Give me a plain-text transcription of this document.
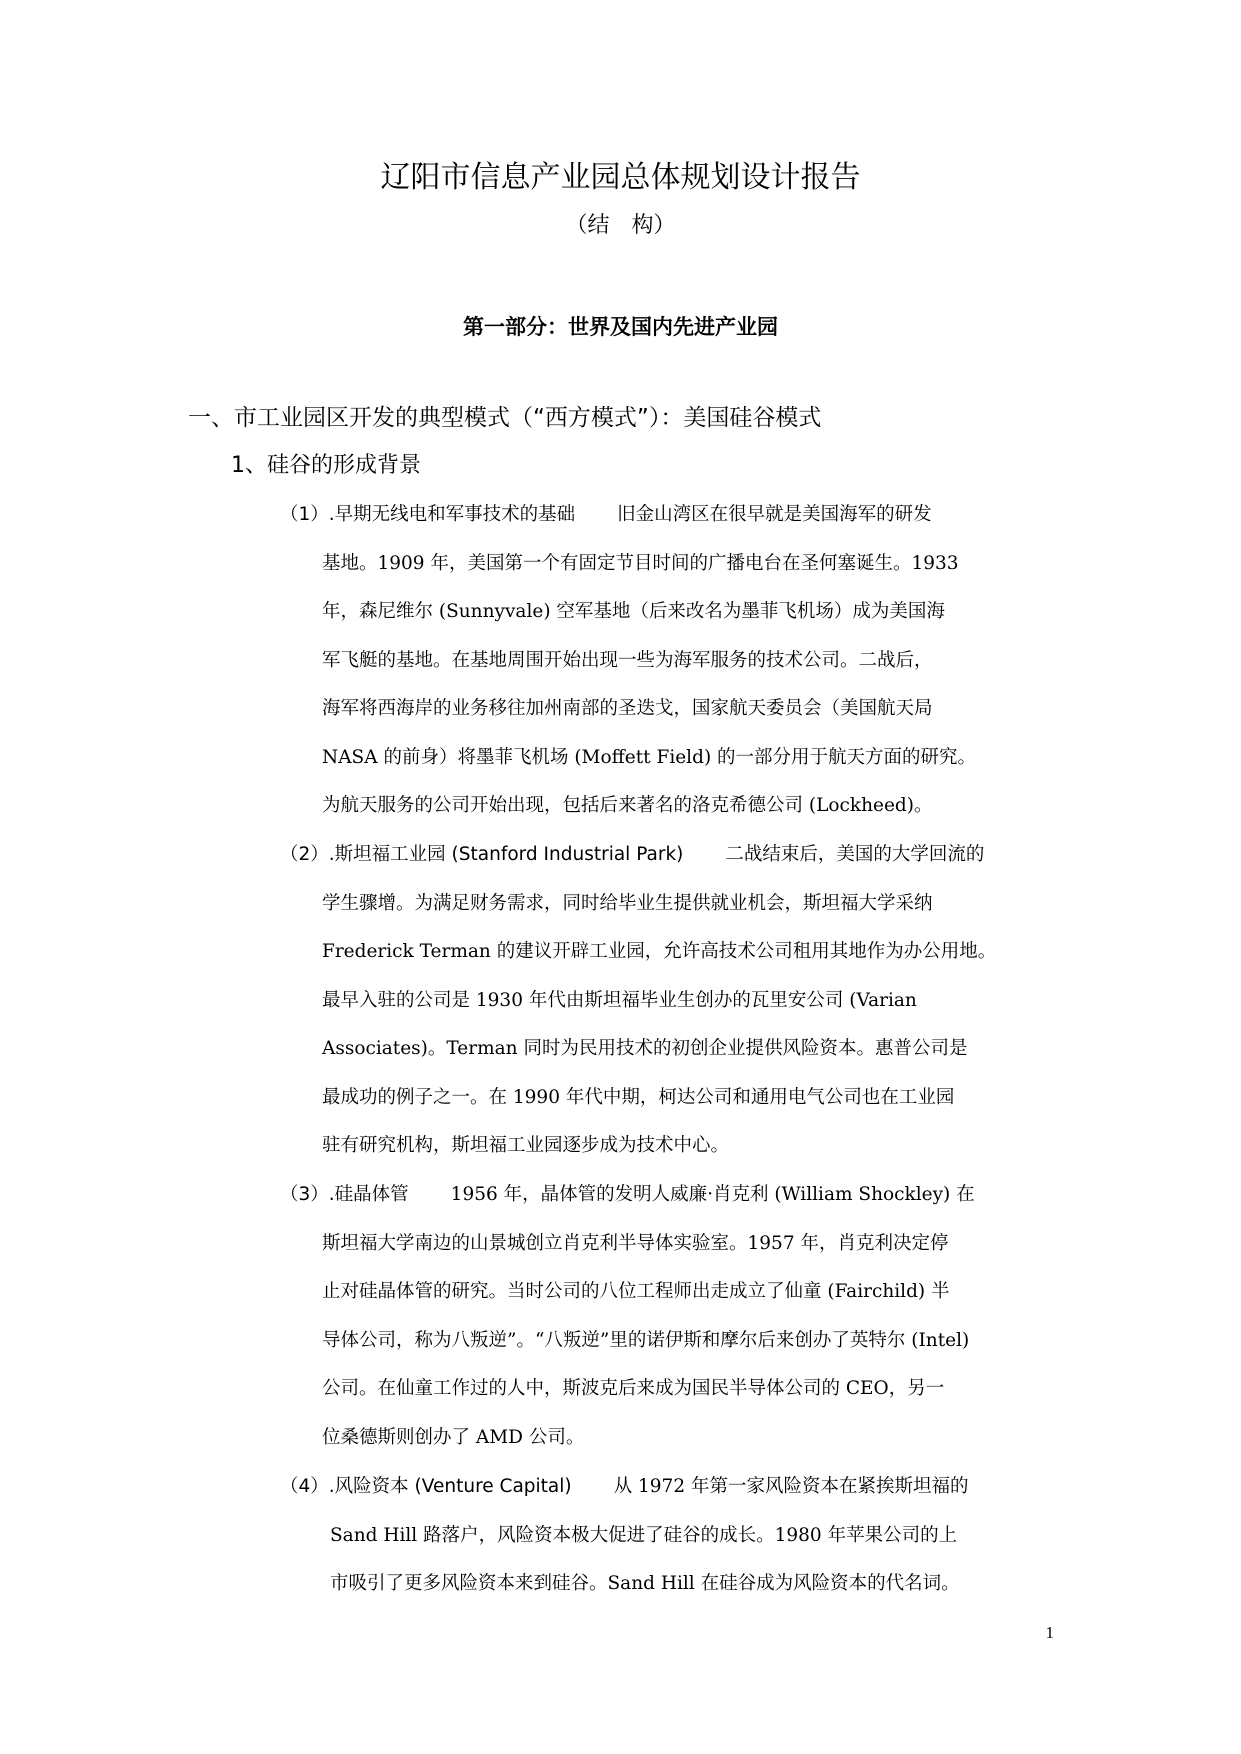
辽阳市信息产业园总体规划设计报告
（结　构）
第一部分：世界及国内先进产业园
一、市工业园区开发的典型模式（“西方模式”）：美国硅谷模式
1、硅谷的形成背景
（1）.早期无线电和军事技术的基础 旧金山湾区在很早就是美国海军的研发
基地。1909 年，美国第一个有固定节目时间的广播电台在圣何塞诞生。1933
年，森尼维尔 (Sunnyvale) 空军基地（后来改名为墨菲飞机场）成为美国海
军飞艇的基地。在基地周围开始出现一些为海军服务的技术公司。二战后，
海军将西海岸的业务移往加州南部的圣迭戈，国家航天委员会（美国航天局
NASA 的前身）将墨菲飞机场 (Moffett Field) 的一部分用于航天方面的研究。
为航天服务的公司开始出现，包括后来著名的洛克希德公司 (Lockheed)。
（2）.斯坦福工业园 (Stanford Industrial Park) 二战结束后，美国的大学回流的
学生骤增。为满足财务需求，同时给毕业生提供就业机会，斯坦福大学采纳
Frederick Terman 的建议开辟工业园，允许高技术公司租用其地作为办公用地。
最早入驻的公司是 1930 年代由斯坦福毕业生创办的瓦里安公司 (Varian
Associates)。Terman 同时为民用技术的初创企业提供风险资本。惠普公司是
最成功的例子之一。在 1990 年代中期，柯达公司和通用电气公司也在工业园
驻有研究机构，斯坦福工业园逐步成为技术中心。
（3）.硅晶体管 1956 年，晶体管的发明人威廉·肖克利 (William Shockley) 在
斯坦福大学南边的山景城创立肖克利半导体实验室。1957 年，肖克利决定停
止对硅晶体管的研究。当时公司的八位工程师出走成立了仙童 (Fairchild) 半
导体公司，称为八叛逆”。“八叛逆”里的诺伊斯和摩尔后来创办了英特尔 (Intel)
公司。在仙童工作过的人中，斯波克后来成为国民半导体公司的 CEO，另一
位桑德斯则创办了 AMD 公司。
（4）.风险资本 (Venture Capital) 从 1972 年第一家风险资本在紧挨斯坦福的
Sand Hill 路落户，风险资本极大促进了硅谷的成长。1980 年苹果公司的上
市吸引了更多风险资本来到硅谷。Sand Hill 在硅谷成为风险资本的代名词。
1
